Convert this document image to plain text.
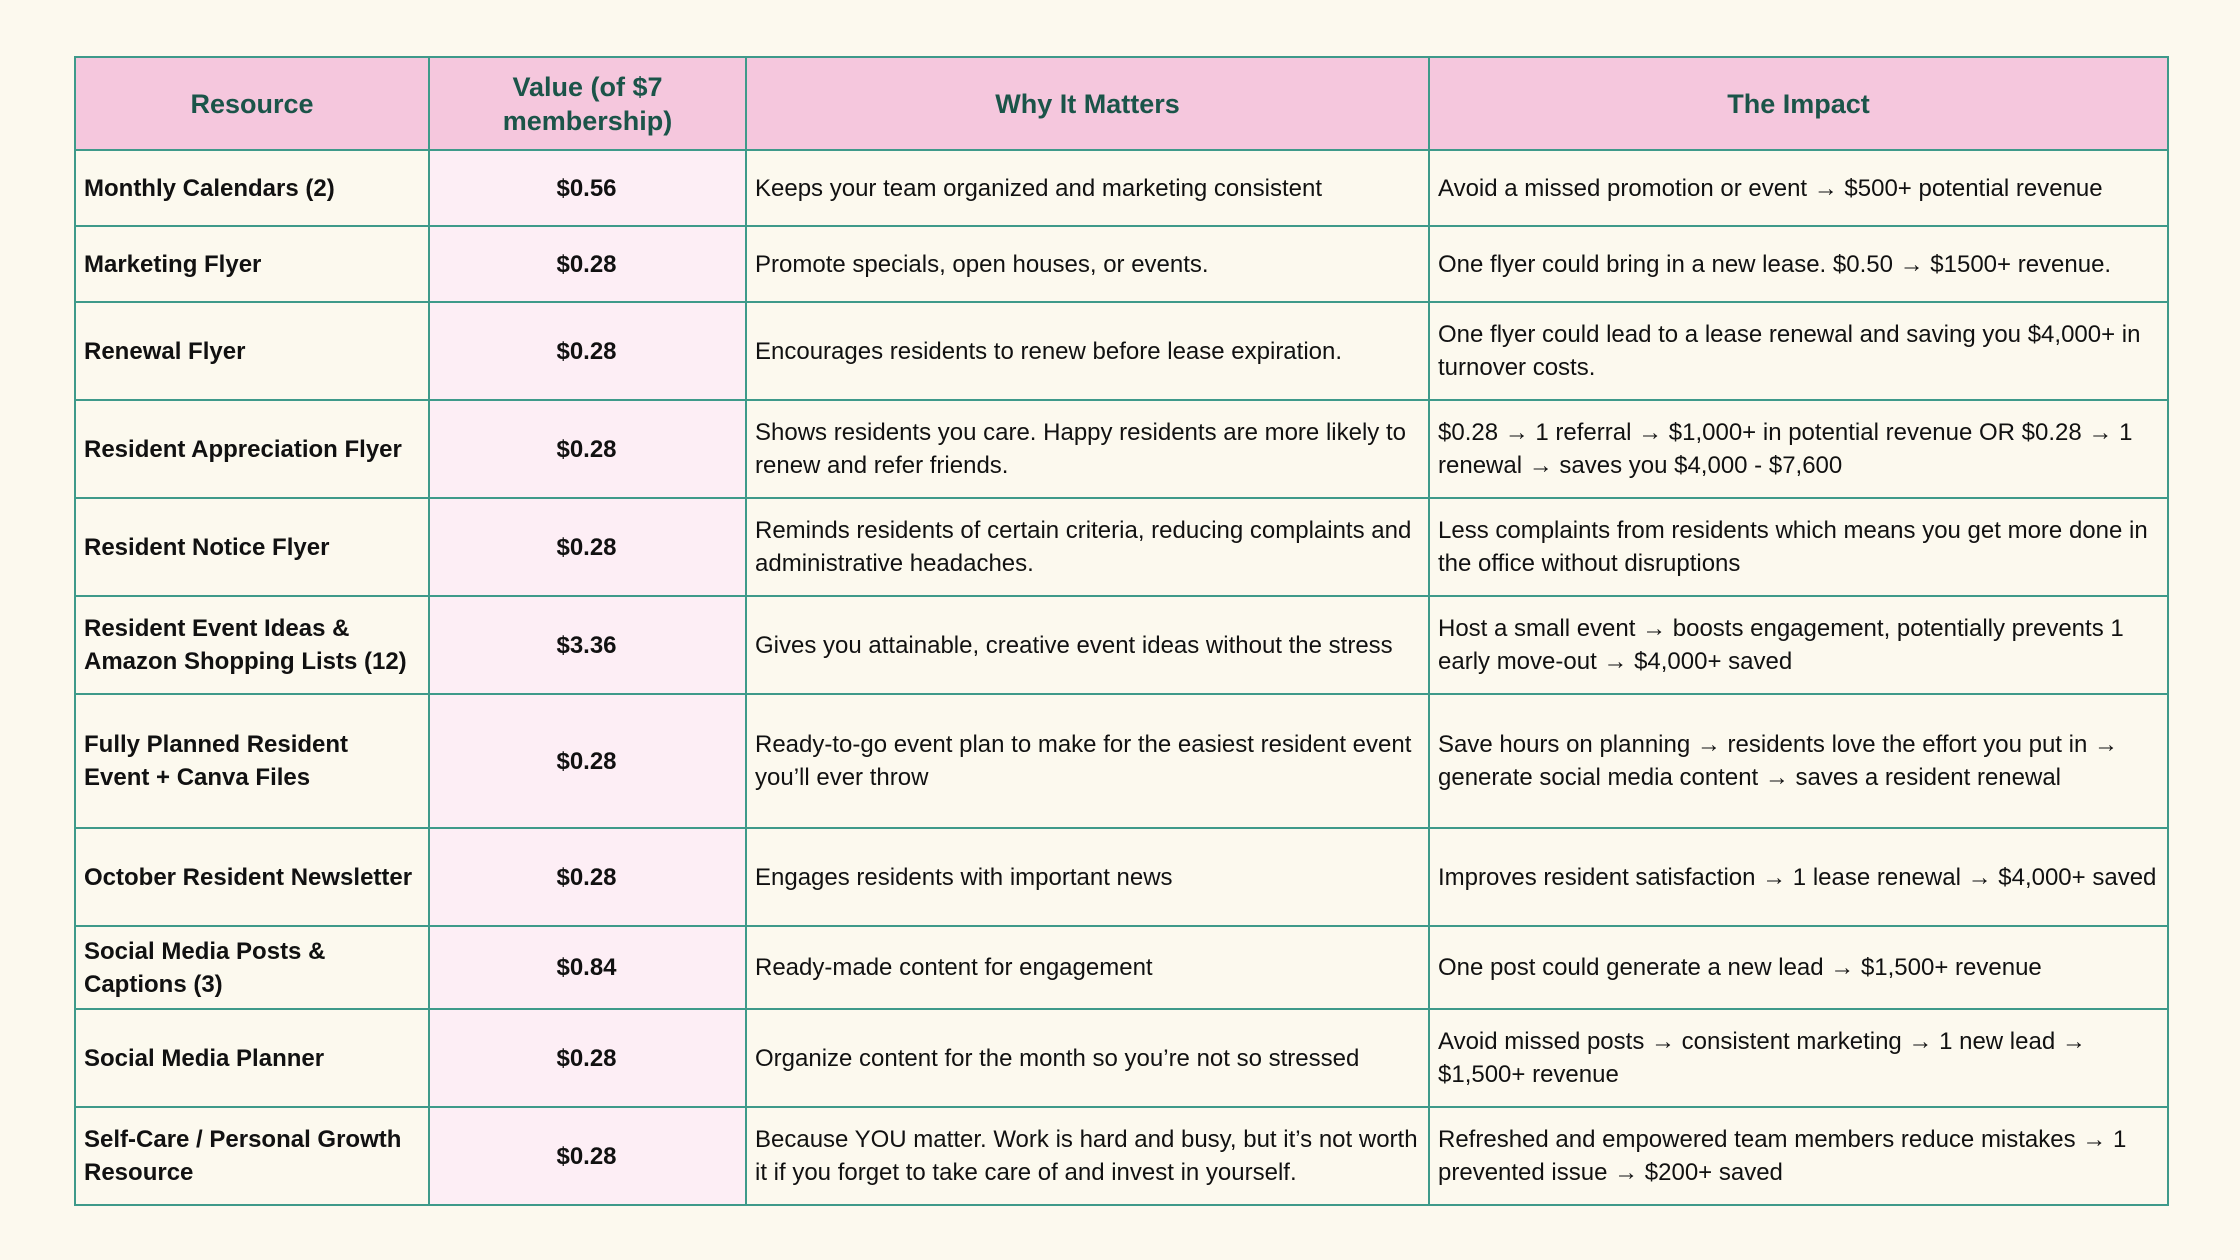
Resource	Value (of $7 membership)	Why It Matters	The Impact
Monthly Calendars (2)	$0.56	Keeps your team organized and marketing consistent	Avoid a missed promotion or event → $500+ potential revenue
Marketing Flyer	$0.28	Promote specials, open houses, or events.	One flyer could bring in a new lease. $0.50 → $1500+ revenue.
Renewal Flyer	$0.28	Encourages residents to renew before lease expiration.	One flyer could lead to a lease renewal and saving you $4,000+ in turnover costs.
Resident Appreciation Flyer	$0.28	Shows residents you care. Happy residents are more likely to renew and refer friends.	$0.28 → 1 referral → $1,000+ in potential revenue OR $0.28 → 1 renewal → saves you $4,000 - $7,600
Resident Notice Flyer	$0.28	Reminds residents of certain criteria, reducing complaints and administrative headaches.	Less complaints from residents which means you get more done in the office without disruptions
Resident Event Ideas & Amazon Shopping Lists (12)	$3.36	Gives you attainable, creative event ideas without the stress	Host a small event → boosts engagement, potentially prevents 1 early move-out → $4,000+ saved
Fully Planned Resident Event + Canva Files	$0.28	Ready-to-go event plan to make for the easiest resident event you’ll ever throw	Save hours on planning → residents love the effort you put in → generate social media content → saves a resident renewal
October Resident Newsletter	$0.28	Engages residents with important news	Improves resident satisfaction → 1 lease renewal → $4,000+ saved
Social Media Posts & Captions (3)	$0.84	Ready-made content for engagement	One post could generate a new lead → $1,500+ revenue
Social Media Planner	$0.28	Organize content for the month so you’re not so stressed	Avoid missed posts → consistent marketing → 1 new lead → $1,500+ revenue
Self-Care / Personal Growth Resource	$0.28	Because YOU matter. Work is hard and busy, but it’s not worth it if you forget to take care of and invest in yourself.	Refreshed and empowered team members reduce mistakes → 1 prevented issue → $200+ saved
